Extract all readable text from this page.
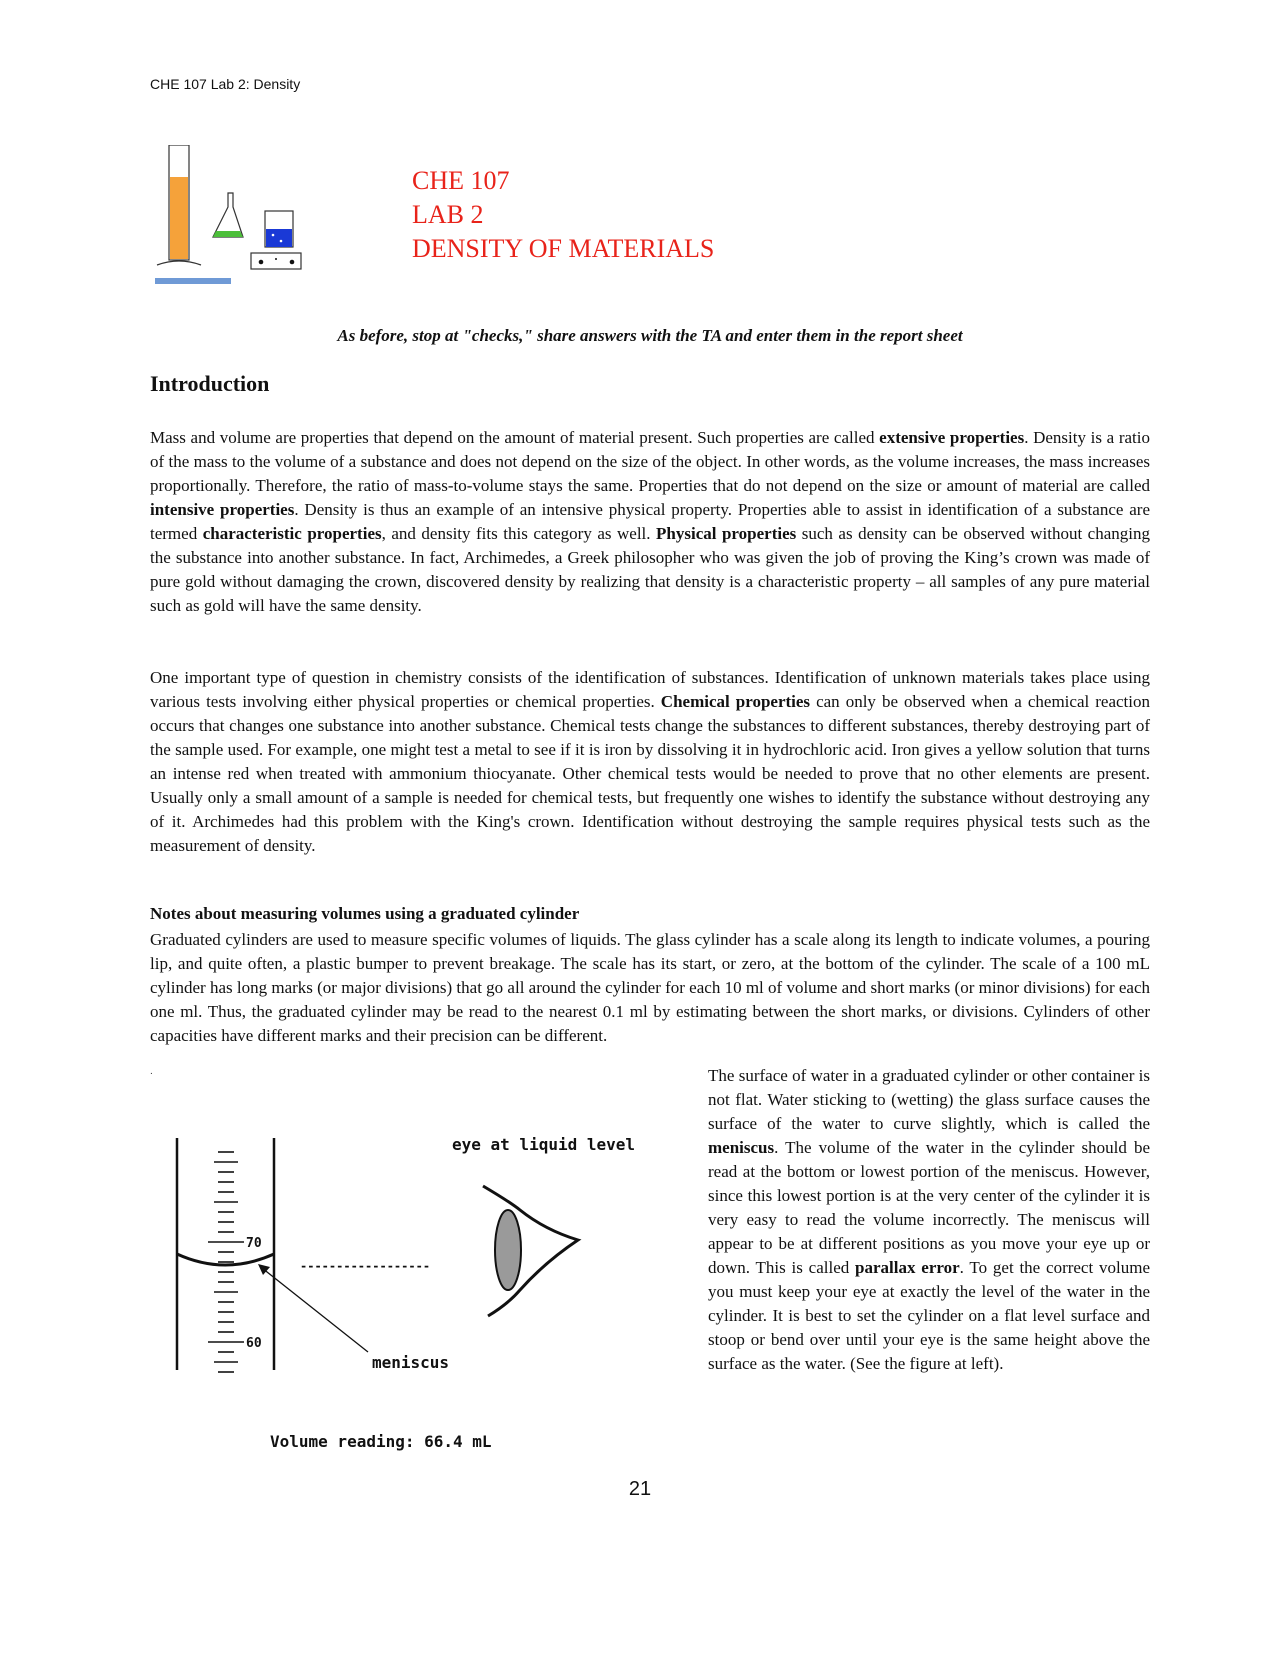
CHE 107 Lab 2: Density
CHE 107
LAB 2
DENSITY OF MATERIALS
As before, stop at "checks," share answers with the TA and enter them in the report sheet
Introduction

Mass and volume are properties that depend on the amount of material present. Such properties are called extensive properties. Density is a ratio of the mass to the volume of a substance and does not depend on the size of the object. In other words, as the volume increases, the mass increases proportionally. Therefore, the ratio of mass-to-volume stays the same. Properties that do not depend on the size or amount of material are called intensive properties. Density is thus an example of an intensive physical property. Properties able to assist in identification of a substance are termed characteristic properties, and density fits this category as well. Physical properties such as density can be observed without changing the substance into another substance. In fact, Archimedes, a Greek philosopher who was given the job of proving the King’s crown was made of pure gold without damaging the crown, discovered density by realizing that density is a characteristic property – all samples of any pure material such as gold will have the same density.

One important type of question in chemistry consists of the identification of substances. Identification of unknown materials takes place using various tests involving either physical properties or chemical properties. Chemical properties can only be observed when a chemical reaction occurs that changes one substance into another substance. Chemical tests change the substances to different substances, thereby destroying part of the sample used. For example, one might test a metal to see if it is iron by dissolving it in hydrochloric acid. Iron gives a yellow solution that turns an intense red when treated with ammonium thiocyanate. Other chemical tests would be needed to prove that no other elements are present. Usually only a small amount of a sample is needed for chemical tests, but frequently one wishes to identify the substance without destroying any of it. Archimedes had this problem with the King's crown. Identification without destroying the sample requires physical tests such as the measurement of density.

Notes about measuring volumes using a graduated cylinder

Graduated cylinders are used to measure specific volumes of liquids. The glass cylinder has a scale along its length to indicate volumes, a pouring lip, and quite often, a plastic bumper to prevent breakage. The scale has its start, or zero, at the bottom of the cylinder. The scale of a 100 mL cylinder has long marks (or major divisions) that go all around the cylinder for each 10 ml of volume and short marks (or minor divisions) for each one ml. Thus, the graduated cylinder may be read to the nearest 0.1 ml by estimating between the short marks, or divisions. Cylinders of other capacities have different marks and their precision can be different.

.
70
60
------------------
meniscus
eye at liquid level
Volume reading: 66.4 mL

The surface of water in a graduated cylinder or other container is not flat. Water sticking to (wetting) the glass surface causes the surface of the water to curve slightly, which is called the meniscus. The volume of the water in the cylinder should be read at the bottom or lowest portion of the meniscus. However, since this lowest portion is at the very center of the cylinder it is very easy to read the volume incorrectly. The meniscus will appear to be at different positions as you move your eye up or down. This is called parallax error. To get the correct volume you must keep your eye at exactly the level of the water in the cylinder. It is best to set the cylinder on a flat level surface and stoop or bend over until your eye is the same height above the surface as the water. (See the figure at left).

21
